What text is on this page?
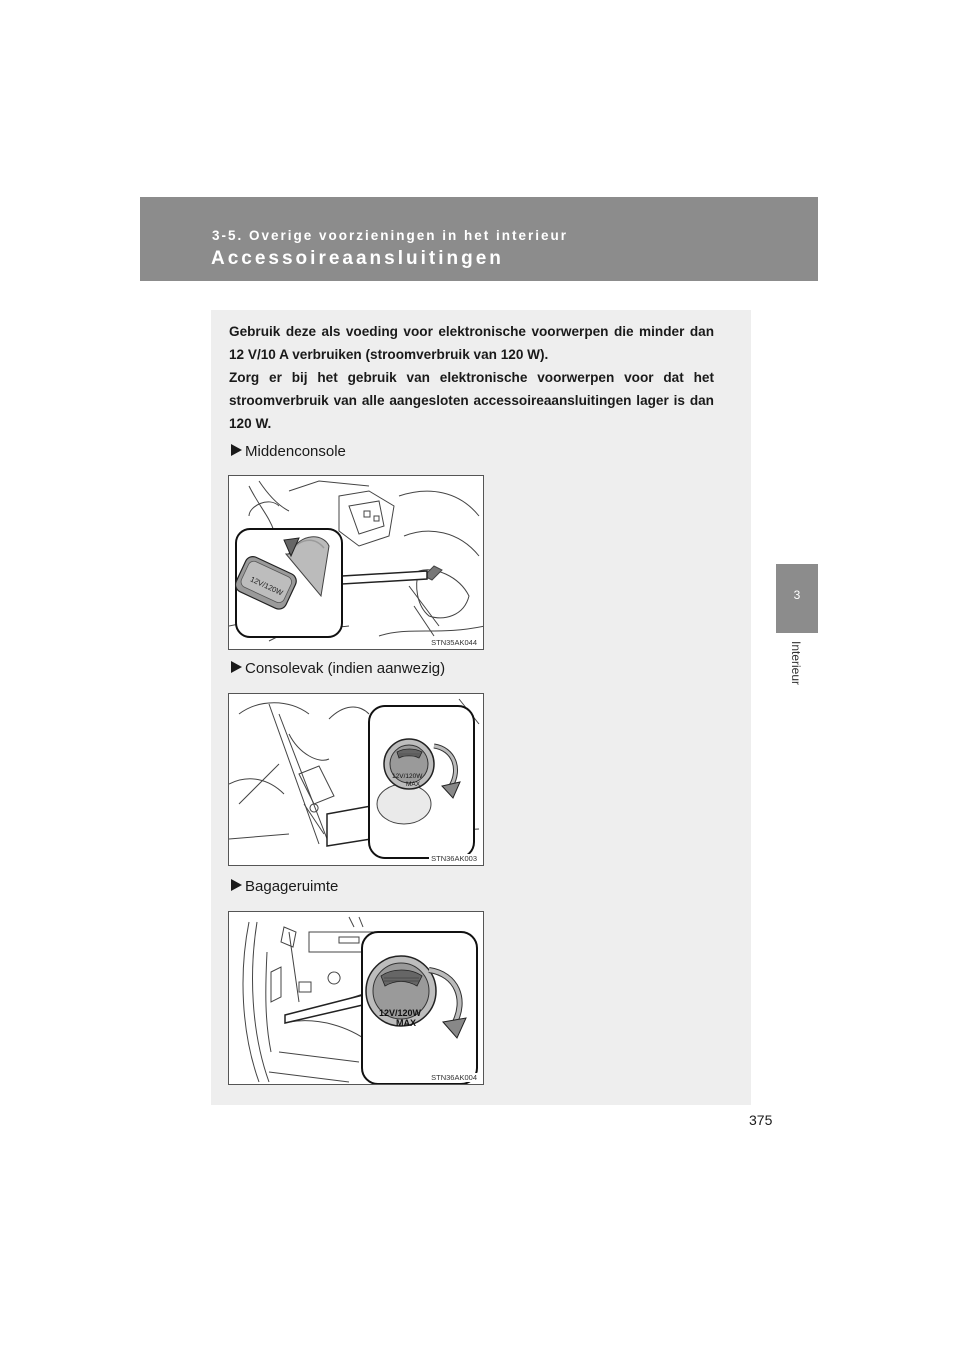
3-5. Overige voorzieningen in het interieur
Accessoireaansluitingen
3
Interieur

Gebruik deze als voeding voor elektronische voorwerpen die minder dan 12 V/10 A verbruiken (stroomverbruik van 120 W).

Zorg er bij het gebruik van elektronische voorwerpen voor dat het stroomverbruik van alle aangesloten accessoireaansluitingen lager is dan 120 W.

Middenconsole
12V/120W
STN35AK044
Consolevak (indien aanwezig)
12V/120W
MAX
STN36AK003
Bagageruimte
12V/120W
MAX
STN36AK004
375
